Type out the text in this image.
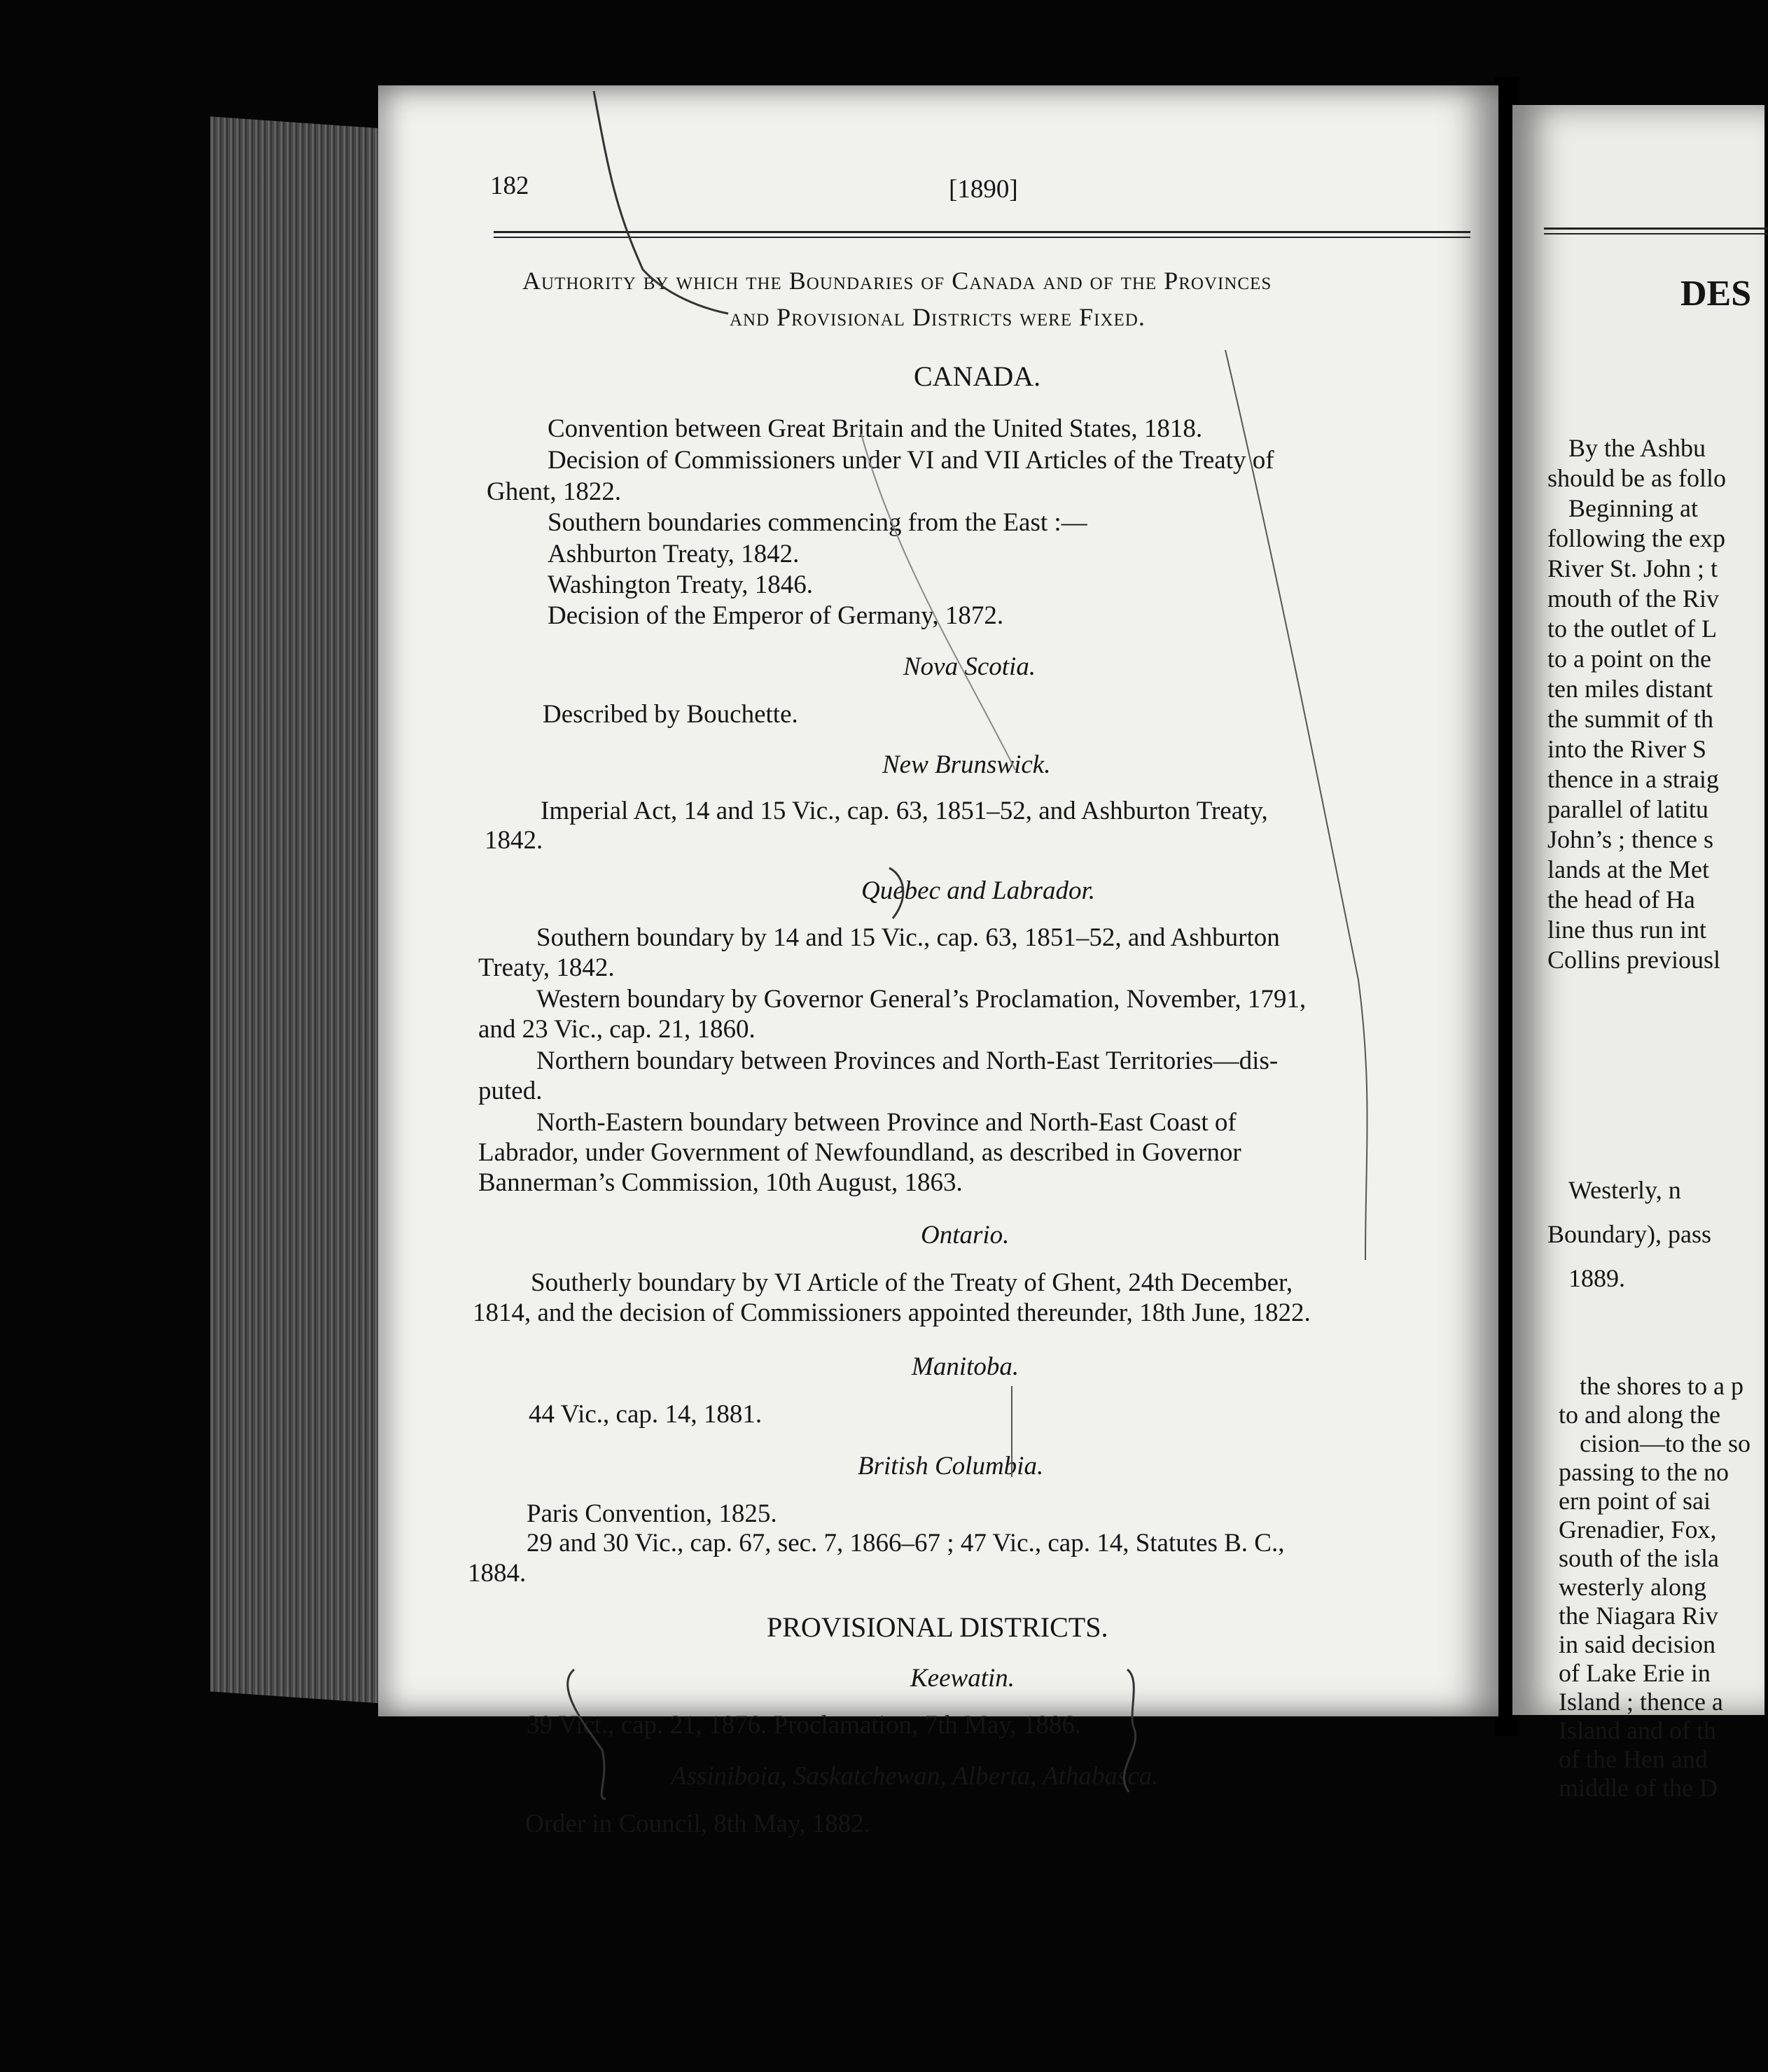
182	[1890]
Authority by which the Boundaries of Canada and of the Provinces
and Provisional Districts were Fixed.
CANADA.
Convention between Great Britain and the United States, 1818.
Decision of Commissioners under VI and VII Articles of the Treaty of
Ghent, 1822.
Southern boundaries commencing from the East :—
Ashburton Treaty, 1842.
Washington Treaty, 1846.
Decision of the Emperor of Germany, 1872.
Nova Scotia.
Described by Bouchette.
New Brunswick.
Imperial Act, 14 and 15 Vic., cap. 63, 1851–52, and Ashburton Treaty,
1842.
Quebec and Labrador.
Southern boundary by 14 and 15 Vic., cap. 63, 1851–52, and Ashburton
Treaty, 1842.
Western boundary by Governor General’s Proclamation, November, 1791,
and 23 Vic., cap. 21, 1860.
Northern boundary between Provinces and North-East Territories—dis-
puted.
North-Eastern boundary between Province and North-East Coast of
Labrador, under Government of Newfoundland, as described in Governor
Bannerman’s Commission, 10th August, 1863.
Ontario.
Southerly boundary by VI Article of the Treaty of Ghent, 24th December,
1814, and the decision of Commissioners appointed thereunder, 18th June, 1822.
Manitoba.
44 Vic., cap. 14, 1881.
British Columbia.
Paris Convention, 1825.
29 and 30 Vic., cap. 67, sec. 7, 1866–67 ; 47 Vic., cap. 14, Statutes B. C.,
1884.
PROVISIONAL DISTRICTS.
Keewatin.
39 Vict., cap. 21, 1876. Proclamation, 7th May, 1886.
Assiniboia, Saskatchewan, Alberta, Athabasca.
Order in Council, 8th May, 1882.
DES
By the Ashbu
should be as follo
Beginning at
following the exp
River St. John ; t
mouth of the Riv
to the outlet of L
to a point on the
ten miles distant
the summit of th
into the River S
thence in a straig
parallel of latitu
John’s ; thence s
lands at the Met
the head of Ha
line thus run int
Collins previousl
Westerly, n
Boundary), pass
1889.
the shores to a p
to and along the
cision—to the so
passing to the no
ern point of sai
Grenadier, Fox,
south of the isla
westerly along
the Niagara Riv
in said decision
of Lake Erie in
Island ; thence a
Island and of th
of the Hen and
middle of the D
